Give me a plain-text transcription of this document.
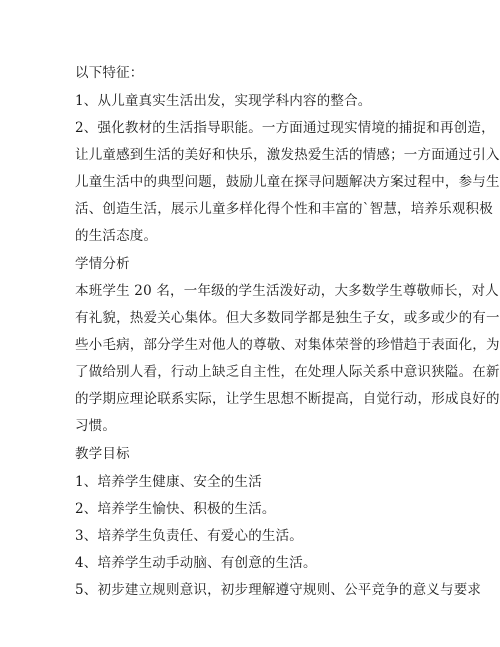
以下特征：
1、从儿童真实生活出发，实现学科内容的整合。
2、强化教材的生活指导职能。一方面通过现实情境的捕捉和再创造，
让儿童感到生活的美好和快乐，激发热爱生活的情感；一方面通过引入
儿童生活中的典型问题，鼓励儿童在探寻问题解决方案过程中，参与生
活、创造生活，展示儿童多样化得个性和丰富的`智慧，培养乐观积极
的生活态度。
学情分析
本班学生 20 名，一年级的学生活泼好动，大多数学生尊敬师长，对人
有礼貌，热爱关心集体。但大多数同学都是独生子女，或多或少的有一
些小毛病，部分学生对他人的尊敬、对集体荣誉的珍惜趋于表面化，为
了做给别人看，行动上缺乏自主性，在处理人际关系中意识狭隘。在新
的学期应理论联系实际，让学生思想不断提高，自觉行动，形成良好的
习惯。
教学目标
1、培养学生健康、安全的生活
2、培养学生愉快、积极的生活。
3、培养学生负责任、有爱心的生活。
4、培养学生动手动脑、有创意的生活。
5、初步建立规则意识，初步理解遵守规则、公平竞争的意义与要求
